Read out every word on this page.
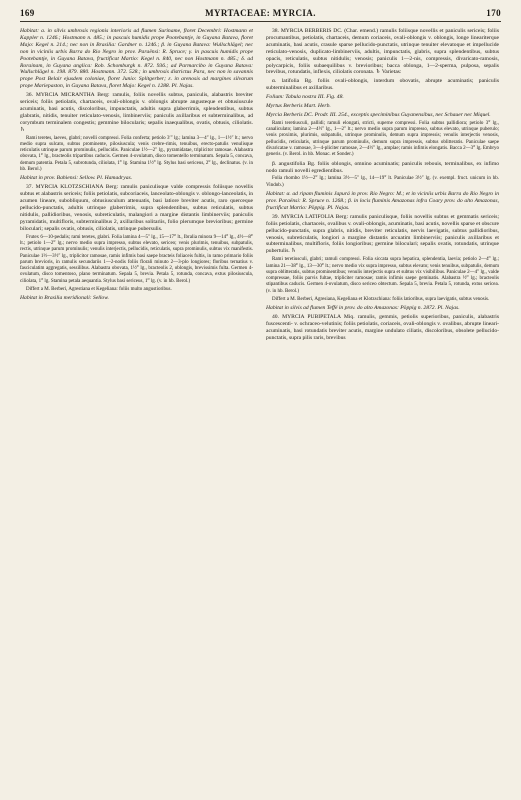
169	MYRTACEAE: MYRCIA.	170

Habitat: a. in silvis umbrosis regionis interioris ad flumen Suriname, floret Decembri: Hostmann et Kappler n. 1246.; Hostmann n. 485.; in pascuis humidis prope Pootebantje, in Guyana Batava, floret Majo: Kegel n. 214.; nec non in Brasilia: Gardner n. 1246.; β. in Guyana Batava: Wullschlägel; nec non in viciniis urbis Barra do Rio Negro in prov. Paraënsi: R. Spruce; γ. in pascuis humidis prope Pootebantje, in Guyana Batava, fructificat Martio: Kegel n. 840, nec non Hostmann n. 485.; δ. ad Rorainam, in Guyana anglica: Rob. Schomburgk n. 872. 936.; ad Parmarcibo in Guyana Batava: Wullschlägel n. 198. 879. 880. Hostmann. 372. 528.; in umbrosis districtus Para, nec non in savannis prope Post Belair ejusdem coloniae, floret Junio: Splitgerber; ε. in arenosis ad margines silvarum prope Mariepaston, in Guyana Batava, floret Majo: Kegel n. 1288. Pl. Najas.

36. MYRCIA MICRANTHA Berg: ramulis, foliis novellis subtus, paniculis, alabastris breviter sericeis; foliis petiolatis, chartaceis, ovali-oblongis v. oblongis abrupte angusteque et obtusiuscule acuminatis, basi acutis, discoloribus, impunctatis, adultis supra glaberrimis, splendentibus, subtus glabratis, nitidis, tenuiter reticulato-venosis, limbinerviis; paniculis axillaribus et subterminalibus, ad corymbum terminalem congestis; gemmine bilocularis; sepalis inaequalibus, ovatis, obtusis, ciliolatis. ♄

Rami teretes, laeves, glabri; novelli compressi. Folia conferta; petiolo 3′″ lg.; lamina 3—4″ lg., 1—1½″ lt.; nervo medio supra sulcato, subtus prominente, pilosiuscula; venis crebre-rimis, tenuibus, erecto-patulis venulisque reticulatis utrinque parum prominulis, pellucidis. Paniculae 1½—2″ lg., pyramidatae, triplicitor ramosae. Alabastra obovata, 1‴ lg., bracteolis tripartibus caducis. Germen 4-ovulatum, disco tomentello terminatum. Sepala 5, concava, demum patentia. Petala 5, subrotunda, ciliolata, 1‴ lg. Stamina 1½‴ lg. Stylus basi sericeus, 2‴ lg., declinatus. (v. in hb. Berol.)

Habitat in prov. Bahiensi: Sellow. Pl. Hamadryas.

37. MYRCIA KLOTZSCHIANA Berg: ramulis paniculisque valde compressis foliisque novellis subtus et alabastris sericeis; foliis petiolatis, subcoriaceis, lanceolato-oblongis v. oblongo-lanceolatis, in acumen lineare, subobliquum, obtusiusculum attenuatis, basi latiore breviter acutis, raro querceque pellucido-punctatis, adultis utrinque glaberrimis, supra splendentibus, subtus reticulatis, subtus nitidulis, pallidioribus, venosis, subreticulatis, malangiori a margine distantis limbinerviis; paniculis pyramidatis, multifloris, subterminalibus 2, axillaribus solitariis, folio plerumque brevioribus; germine biloculari; sepalis ovatis, obtusis, ciliolatis, utrinque pubersulis.

Frutex 6—10-pedalis; rami teretes, glabri. Folia lamina 4—5″ lg., 15—17‴ lt., Ibralia minora 9—14‴ lg., 4½—8‴ lt.; petiolo 1—2‴ lg.; nervo medio supra impresso, subtus elevato, sericeo; venis plurimis, tenuibus, subpatulis, rectis, utrinque parum prominulis; venulis interjectis, pellucidis, reticulatis, supra prominulis, subtus vix manifestis. Paniculae 1½—3½″ lg., triplicitor ramosae, ramis infimis basi saepe bracteis foliaceis fultis, in ramo primario foliis parum brevioris, in ramulis secundariis 1—2-nodis foliis florali minuto 2—3-plo longiores; floribus ternatius v. fasciculatim aggregatis, sessilibus. Alabastra obovata, 1½‴ lg., bracteolis 2, oblongis, brevissimis fulta. Germen 4-ovulatum, disco tomentoso, plano terminatum. Sepala 5, brevia. Petala 5, rotunda, concava, extus pilosiuscula, ciliolata, 1‴ lg. Stamina petala aequantia. Stylus basi sericeus, 1‴ lg. (v. in hb. Berol.)

Differt a M. Berberi, Agrestiana et Kegeliana: foliis multo angustioribus.

Habitat in Brasilia meridionali: Sellow.

38. MYRCIA BERBERIS DC. (Char. emend.) ramulis foliisque novellis et paniculis sericeis; foliis procumantibus, petiolatis, chartaceis, demum coriaceis, ovali-oblongis v. oblongis, longe lineariterque acuminatis, basi acutis, crasule sparse pellucido-punctatis, utrinque tenuiter elevatoque et impellucide reticulato-venosis, duplicato-limbinerviis, adultis, impunctatis, glabris, supra splendentibus, subtus opacis, reticulatis, subtus nitidulis; venosis; paniculis 1—2-nis, compressis, divaricato-ramosis, polycarpicis, foliis subaequilibus v. brevioribus; bacca oblonga, 1—2-sperma, pulposa, sepalis brevibus, rotundatis, inflexis, ciliolatis coronata. ♄ Varietas:

α. latifolia Bg. foliis ovali-oblongis, interdum obovatis, abrupte acuminatis; paniculis subterminalibus et axillaribus.

Folium: Tabula nostra III. Fig. 48.

Myrtus Berberis Mart. Herb.

Myrcia Berberis DC. Prodr. III. 254., exceptis speciminibus Guyanensibus, nec Schauer nec Miquel.

Rami teretiusculi, pallidi; ramuli elongati, stricti, superne compressi. Folia subtus pallidiora; petiolo 3‴ lg., canaliculato; lamina 2—4½″ lg., 1—2″ lt.; nervo medio supra parum impresso, subtus elevato, utrinque puberulo; venis proximis, plurimis, subpatulis, utrinque prominulis, demum supra impressis; venulis interjectis venosis, pellucidis, reticulatis, utrinque parum prominulis, demum supra impressis, subtus oblitteratis. Paniculae saepe divaricatae v. ramosae, 3—4-pliciter ramosae, 2—4½″ lg., amplae; ramis infimis elongatis. Bacca 2—3‴ lg. Embryo generis. (v. Berol. in hb. Monac. et Sonder.)

β. angustifolia Bg. foliis oblongis, omnino acuminatis; paniculis rebouis, terminalibus, ex infimo nodo ramuli novelli egredientibus.

Folia rhombo 1½—2‴ lg.; lamina 3½—5″ lg., 14—19‴ lt. Paniculae 3½″ lg. (v. exempl. fruct. unicum in hb. Vindob.)

Habitat: α. ad ripam fluminis Japurá in prov. Rio Negro: M.; et in viciniis urbis Barra do Rio Negro in prov. Paraënsi: R. Spruce n. 1268.; β. in locis fluminis Amazonas infra Coary prov. do alto Amazonas, fructificat Martio: Pöppig. Pl. Najas.

39. MYRCIA LATIFOLIA Berg: ramulis paniculisque, foliis novellis subtus et gemmatis sericeis; foliis petiolatis, chartaceis, ovalibus v. ovali-oblongis, acuminatis, basi acutis, novellis sparse et obscure pellucido-punctatis, supra glabris, nitidis, breviter reticulatis, nervis laevigatis, subtus pallidioribus, venosis, subreticulatis, longiori a margine distantis arcuatim limbinerviis; paniculis axillaribus et subterminalibus, multifloris, foliis longioribus; germine biloculari; sepalis ovatis, rotundatis, utrinque pubertulis. ♄

Rami teretiusculi, glabri; ramuli compressi. Folia siccata supra hepatica, splendentia, laevia; petiolo 2—4‴ lg.; lamina 21—38‴ lg., 13—30‴ lt.; nervo medio vix supra impresso, subtus elevato; venis tenuibus, subpatulis, demum supra oblitteratis, subtus prominentibus; venulis interjectis supra et subtus vix visibilibus. Paniculae 2—4″ lg., valde compressae, foliis parvis fultae, tripliciter ramosae; ramis infimis saepe geminatis. Alabastra ½‴ lg.; bracteolis stipantibus caducis. Germen 4-ovulatum, disco sericeo obtectum. Sepala 5, brevia. Petala 5, rotunda, extus sericea. (v. in hb. Berol.)

Differt a M. Berberi, Agresiana, Kegeliana et Klotzschiana: foliis latioribus, supra laevigatis, subtus venosis.

Habitat in silvis ad flumen Teffé in prov. do alto Amazonas: Pöppig n. 2872. Pl. Najas.

40. MYRCIA PUBIPETALA Miq. ramulis, gemmis, petiolis superioribus, paniculis, alabastris fuscescenti- v. ochraceo-velutinis; foliis petiolatis, coriaceis, ovali-oblongis v. ovalibus, abrupte lineari-acuminatis, basi rotundatis breviter acutis, margine undulato ciliatis, discoloribus, obsolete pellucido-punctatis, supra pilis raris, brevibus
